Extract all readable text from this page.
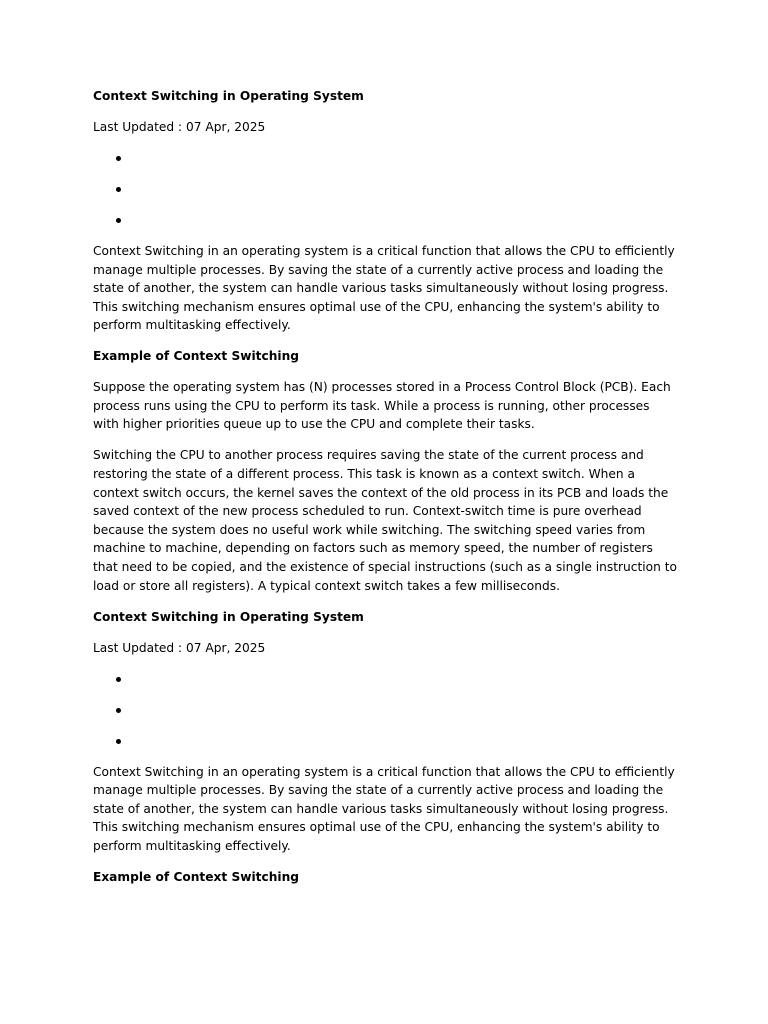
Context Switching in Operating System
Last Updated : 07 Apr, 2025

Context Switching in an operating system is a critical function that allows the CPU to efficiently manage multiple processes. By saving the state of a currently active process and loading the state of another, the system can handle various tasks simultaneously without losing progress. This switching mechanism ensures optimal use of the CPU, enhancing the system's ability to perform multitasking effectively.

Example of Context Switching

Suppose the operating system has (N) processes stored in a Process Control Block (PCB). Each process runs using the CPU to perform its task. While a process is running, other processes with higher priorities queue up to use the CPU and complete their tasks.

Switching the CPU to another process requires saving the state of the current process and restoring the state of a different process. This task is known as a context switch. When a context switch occurs, the kernel saves the context of the old process in its PCB and loads the saved context of the new process scheduled to run. Context-switch time is pure overhead because the system does no useful work while switching. The switching speed varies from machine to machine, depending on factors such as memory speed, the number of registers that need to be copied, and the existence of special instructions (such as a single instruction to load or store all registers). A typical context switch takes a few milliseconds.

Context Switching in Operating System
Last Updated : 07 Apr, 2025

Context Switching in an operating system is a critical function that allows the CPU to efficiently manage multiple processes. By saving the state of a currently active process and loading the state of another, the system can handle various tasks simultaneously without losing progress. This switching mechanism ensures optimal use of the CPU, enhancing the system's ability to perform multitasking effectively.

Example of Context Switching
